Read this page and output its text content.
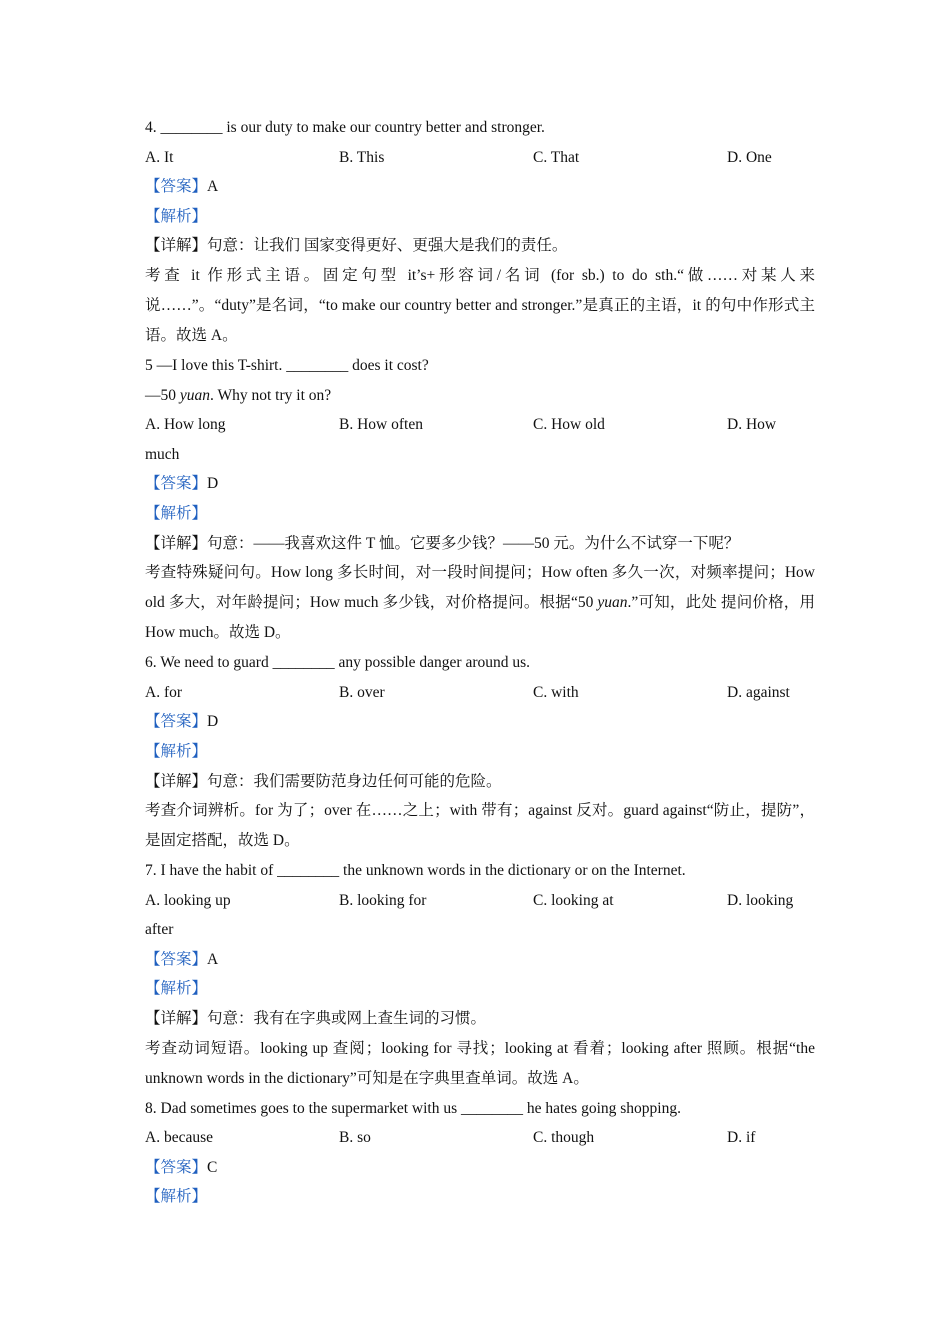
4. ________ is our duty to make our country better and stronger.
A. It	B. This	C. That	D. One
【答案】A
【解析】
【详解】句意：让我们 国家变得更好、更强大是我们的责任。
考查 it 作形式主语。固定句型 it’s+形容词/名词 (for sb.) to do sth.“做……对某人来说……”。“duty”是名词，“to make our country better and stronger.”是真正的主语，it 的句中作形式主语。故选 A。
5 —I love this T-shirt. ________ does it cost?
—50 yuan. Why not try it on?
A. How long	B. How often	C. How old	D. How
much
【答案】D
【解析】
【详解】句意：——我喜欢这件 T 恤。它要多少钱？——50 元。为什么不试穿一下呢？
考查特殊疑问句。How long 多长时间，对一段时间提问；How often 多久一次，对频率提问；How old 多大，对年龄提问；How much 多少钱，对价格提问。根据“50 yuan.”可知，此处 提问价格，用 How much。故选 D。
6. We need to guard ________ any possible danger around us.
A. for	B. over	C. with	D. against
【答案】D
【解析】
【详解】句意：我们需要防范身边任何可能的危险。
考查介词辨析。for 为了；over 在……之上；with 带有；against 反对。guard against“防止，提防”，是固定搭配，故选 D。
7. I have the habit of ________ the unknown words in the dictionary or on the Internet.
A. looking up	B. looking for	C. looking at	D. looking
after
【答案】A
【解析】
【详解】句意：我有在字典或网上查生词的习惯。
考查动词短语。looking up 查阅；looking for 寻找；looking at 看着；looking after 照顾。根据“the unknown words in the dictionary”可知是在字典里查单词。故选 A。
8. Dad sometimes goes to the supermarket with us ________ he hates going shopping.
A. because	B. so	C. though	D. if
【答案】C
【解析】
